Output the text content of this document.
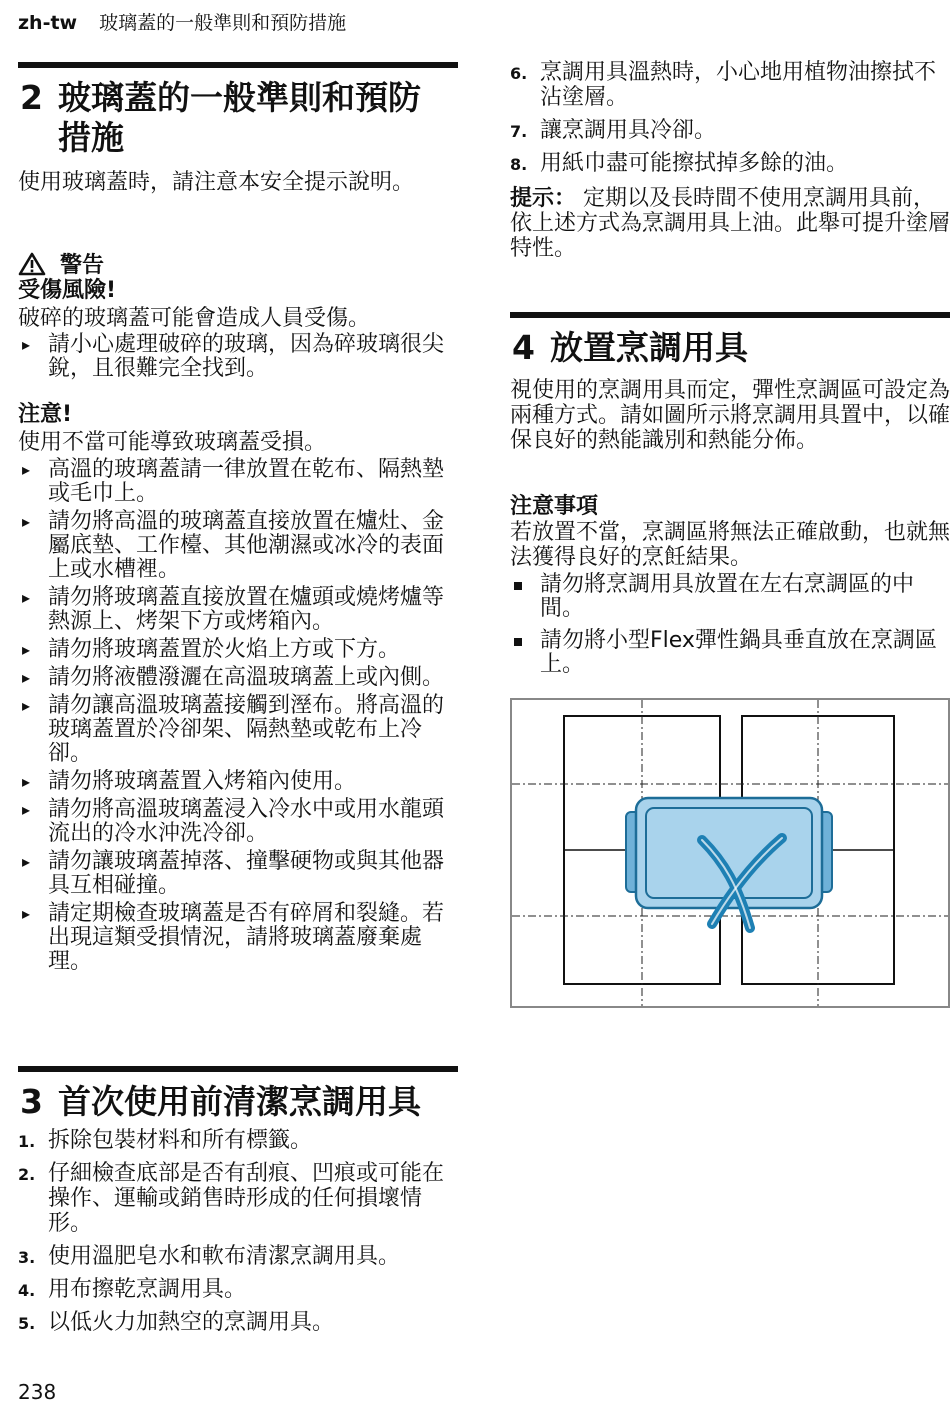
zh-tw 玻璃蓋的一般準則和預防措施
2 玻璃蓋的一般準則和預防
措施
使用玻璃蓋時，請注意本安全提示說明。
警告
受傷風險!
破碎的玻璃蓋可能會造成人員受傷。
▸ 請小心處理破碎的玻璃，因為碎玻璃很尖銳，且很難完全找到。
注意!
使用不當可能導致玻璃蓋受損。
▸ 高溫的玻璃蓋請一律放置在乾布、隔熱墊或毛巾上。
▸ 請勿將高溫的玻璃蓋直接放置在爐灶、金屬底墊、工作檯、其他潮濕或冰冷的表面上或水槽裡。
▸ 請勿將玻璃蓋直接放置在爐頭或燒烤爐等熱源上、烤架下方或烤箱內。
▸ 請勿將玻璃蓋置於火焰上方或下方。
▸ 請勿將液體潑灑在高溫玻璃蓋上或內側。
▸ 請勿讓高溫玻璃蓋接觸到溼布。將高溫的玻璃蓋置於冷卻架、隔熱墊或乾布上冷卻。
▸ 請勿將玻璃蓋置入烤箱內使用。
▸ 請勿將高溫玻璃蓋浸入冷水中或用水龍頭流出的冷水沖洗冷卻。
▸ 請勿讓玻璃蓋掉落、撞擊硬物或與其他器具互相碰撞。
▸ 請定期檢查玻璃蓋是否有碎屑和裂縫。若出現這類受損情況，請將玻璃蓋廢棄處理。
3 首次使用前清潔烹調用具
1. 拆除包裝材料和所有標籤。
2. 仔細檢查底部是否有刮痕、凹痕或可能在操作、運輸或銷售時形成的任何損壞情形。
3. 使用溫肥皂水和軟布清潔烹調用具。
4. 用布擦乾烹調用具。
5. 以低火力加熱空的烹調用具。
6. 烹調用具溫熱時，小心地用植物油擦拭不沾塗層。
7. 讓烹調用具冷卻。
8. 用紙巾盡可能擦拭掉多餘的油。
提示： 定期以及長時間不使用烹調用具前，依上述方式為烹調用具上油。此舉可提升塗層特性。
4 放置烹調用具
視使用的烹調用具而定，彈性烹調區可設定為兩種方式。請如圖所示將烹調用具置中，以確保良好的熱能識別和熱能分佈。
注意事項
若放置不當，烹調區將無法正確啟動，也就無法獲得良好的烹飪結果。
請勿將烹調用具放置在左右烹調區的中間。
請勿將小型Flex彈性鍋具垂直放在烹調區上。
238
